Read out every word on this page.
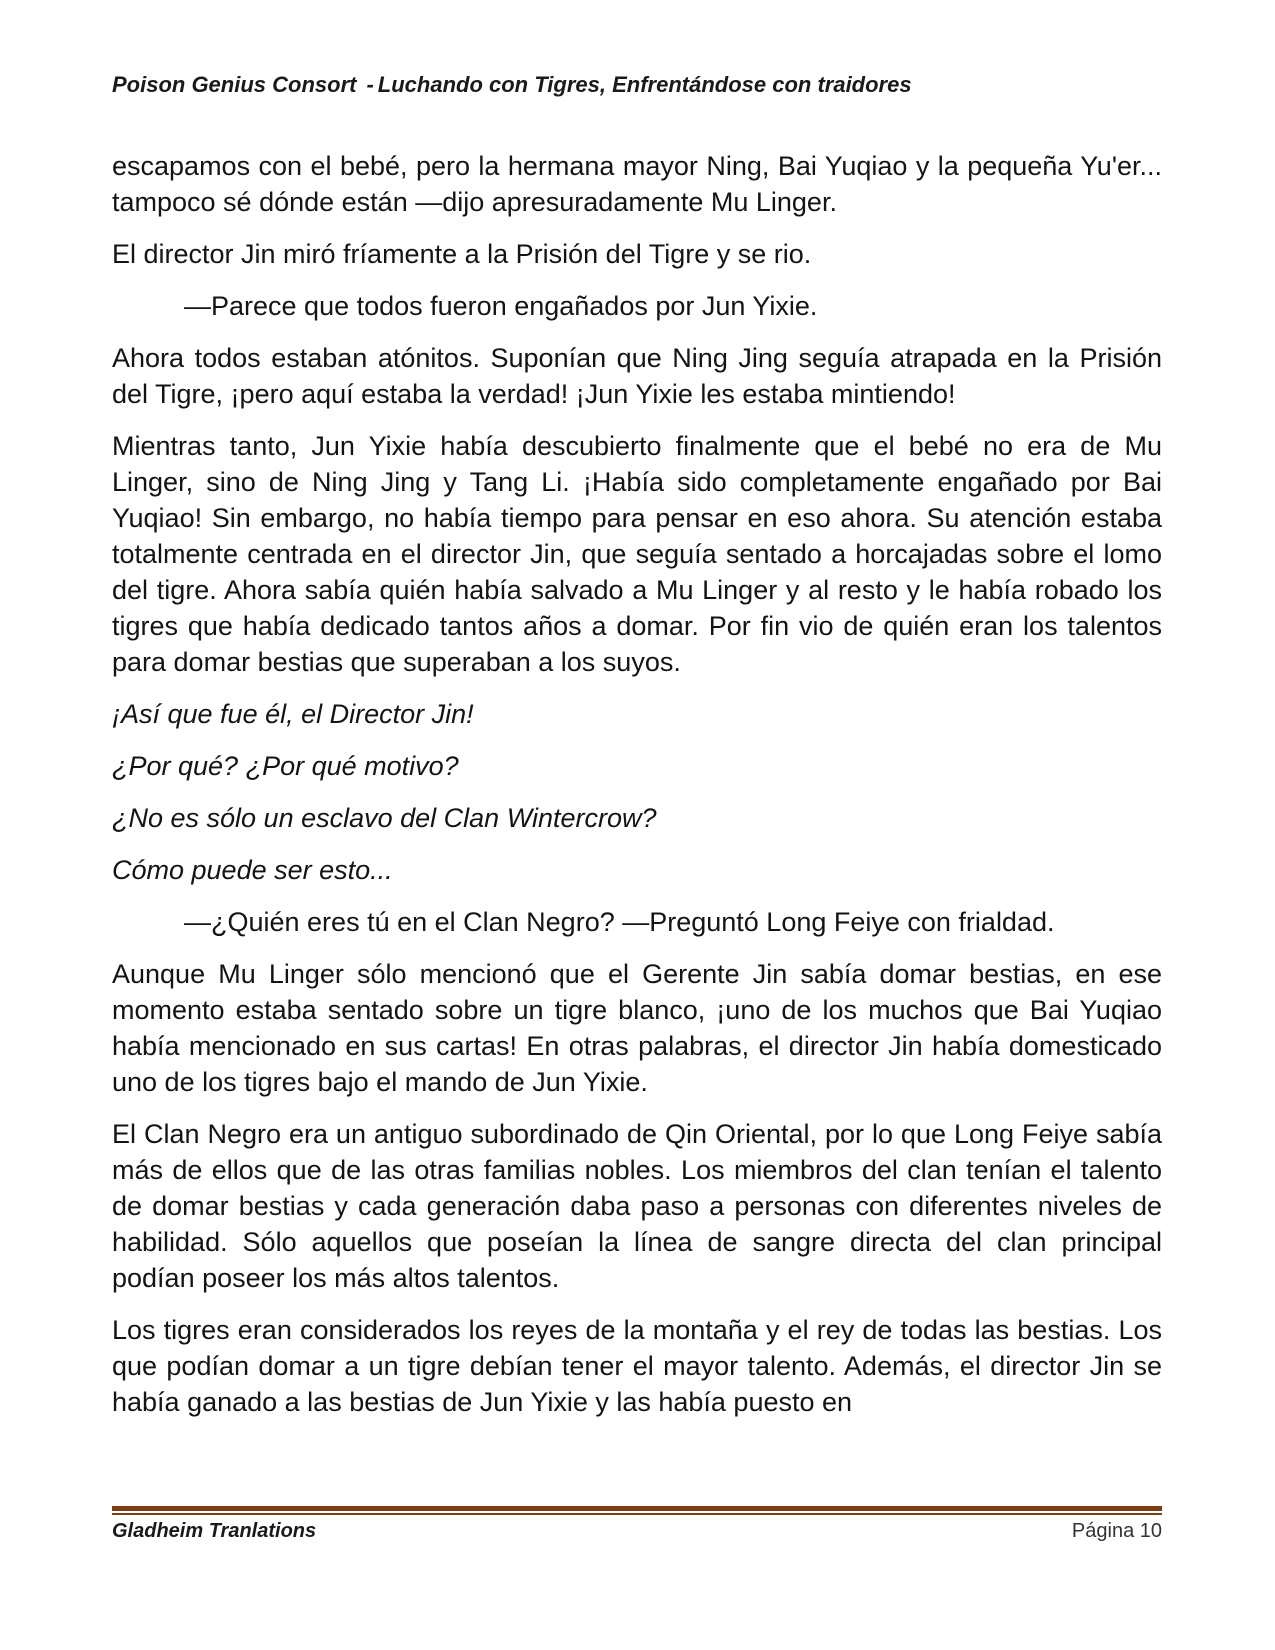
Poison Genius Consort - Luchando con Tigres, Enfrentándose con traidores

escapamos con el bebé, pero la hermana mayor Ning, Bai Yuqiao y la pequeña Yu'er... tampoco sé dónde están —dijo apresuradamente Mu Linger.

El director Jin miró fríamente a la Prisión del Tigre y se rio.

—Parece que todos fueron engañados por Jun Yixie.

Ahora todos estaban atónitos. Suponían que Ning Jing seguía atrapada en la Prisión del Tigre, ¡pero aquí estaba la verdad! ¡Jun Yixie les estaba mintiendo!

Mientras tanto, Jun Yixie había descubierto finalmente que el bebé no era de Mu Linger, sino de Ning Jing y Tang Li. ¡Había sido completamente engañado por Bai Yuqiao! Sin embargo, no había tiempo para pensar en eso ahora. Su atención estaba totalmente centrada en el director Jin, que seguía sentado a horcajadas sobre el lomo del tigre. Ahora sabía quién había salvado a Mu Linger y al resto y le había robado los tigres que había dedicado tantos años a domar. Por fin vio de quién eran los talentos para domar bestias que superaban a los suyos.

¡Así que fue él, el Director Jin!

¿Por qué? ¿Por qué motivo?

¿No es sólo un esclavo del Clan Wintercrow?

Cómo puede ser esto...

—¿Quién eres tú en el Clan Negro? —Preguntó Long Feiye con frialdad.

Aunque Mu Linger sólo mencionó que el Gerente Jin sabía domar bestias, en ese momento estaba sentado sobre un tigre blanco, ¡uno de los muchos que Bai Yuqiao había mencionado en sus cartas! En otras palabras, el director Jin había domesticado uno de los tigres bajo el mando de Jun Yixie.

El Clan Negro era un antiguo subordinado de Qin Oriental, por lo que Long Feiye sabía más de ellos que de las otras familias nobles. Los miembros del clan tenían el talento de domar bestias y cada generación daba paso a personas con diferentes niveles de habilidad. Sólo aquellos que poseían la línea de sangre directa del clan principal podían poseer los más altos talentos.

Los tigres eran considerados los reyes de la montaña y el rey de todas las bestias. Los que podían domar a un tigre debían tener el mayor talento. Además, el director Jin se había ganado a las bestias de Jun Yixie y las había puesto en

Gladheim Tranlations	Página 10
